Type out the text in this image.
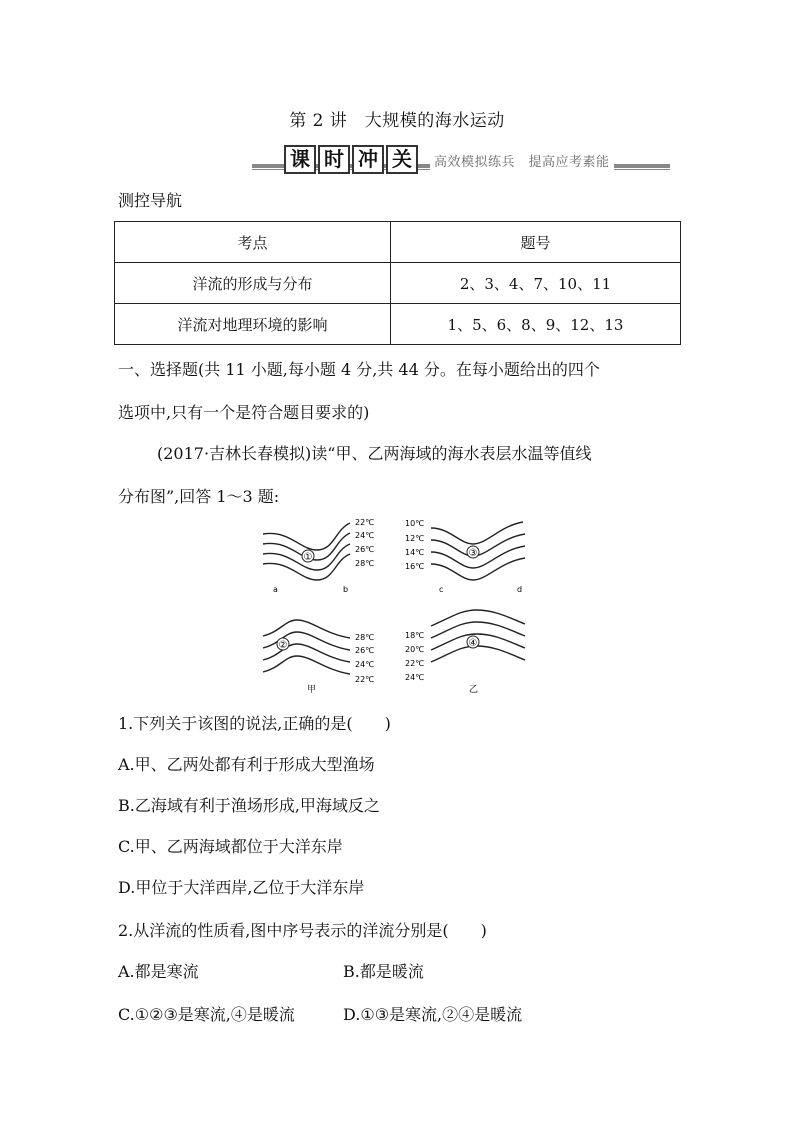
第 2 讲　大规模的海水运动
课 时 冲 关	高效模拟练兵　提高应考素能
测控导航
考点	题号
洋流的形成与分布	2、3、4、7、10、11
洋流对地理环境的影响	1、5、6、8、9、12、13
一、选择题(共 11 小题,每小题 4 分,共 44 分。在每小题给出的四个
选项中,只有一个是符合题目要求的)
(2017·吉林长春模拟)读“甲、乙两海域的海水表层水温等值线
分布图”,回答 1～3 题:
①
22℃
24℃
26℃
28℃
a	b
③
10℃
12℃
14℃
16℃
c	d
②
28℃
26℃
24℃
22℃
甲
④
18℃
20℃
22℃
24℃
乙
1.下列关于该图的说法,正确的是(　　)
A.甲、乙两处都有利于形成大型渔场
B.乙海域有利于渔场形成,甲海域反之
C.甲、乙两海域都位于大洋东岸
D.甲位于大洋西岸,乙位于大洋东岸
2.从洋流的性质看,图中序号表示的洋流分别是(　　)
A.都是寒流	B.都是暖流
C.①②③是寒流,④是暖流	D.①③是寒流,②④是暖流
